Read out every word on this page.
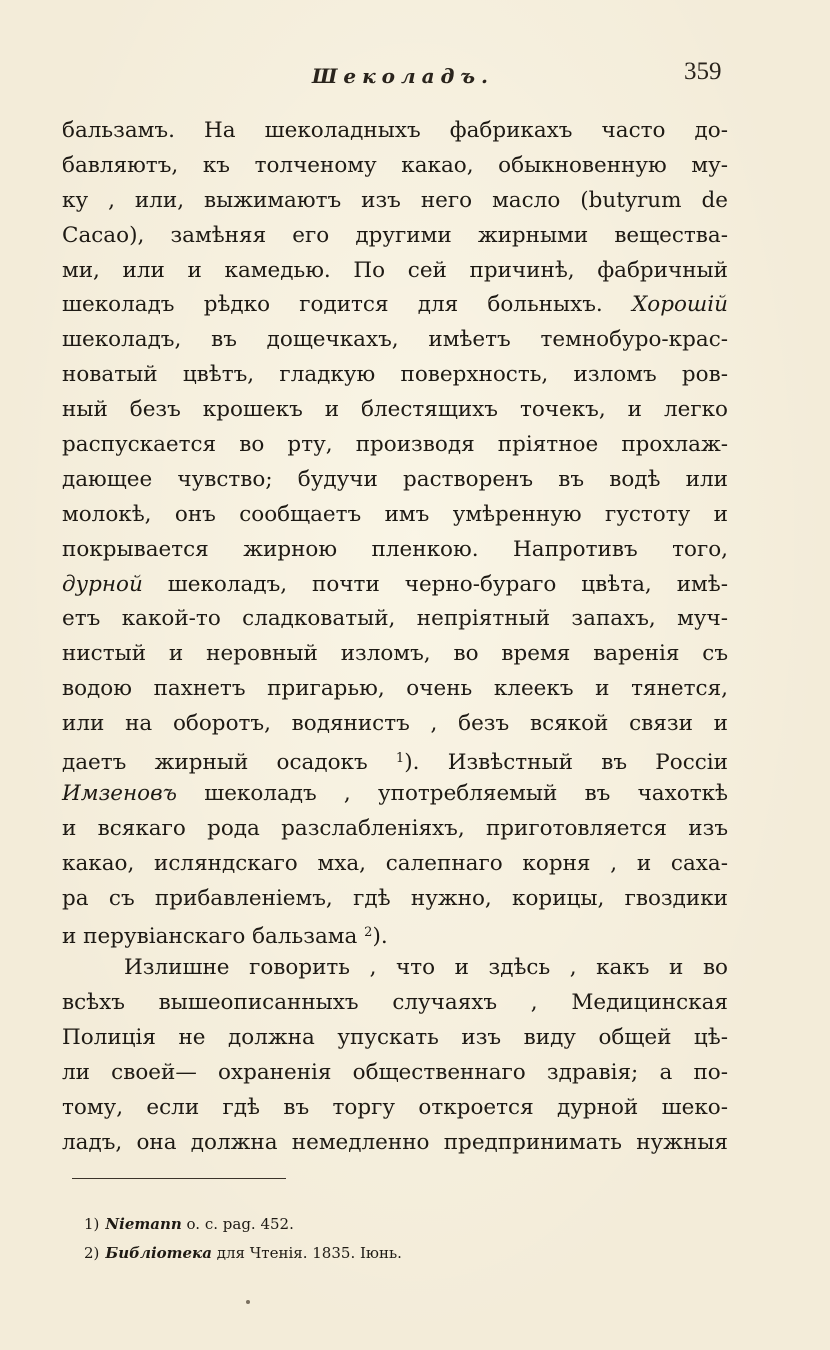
Шеколадъ.	359
бальзамъ. На шеколадныхъ фабрикахъ часто до-
бавляютъ, къ толченому какао, обыкновенную му-
ку , или, выжимаютъ изъ него масло (butyrum de
Cacao), замѣняя его другими жирными вещества-
ми, или и камедью. По сей причинѣ, фабричный
шеколадъ рѣдко годится для больныхъ. Хорошiй
шеколадъ, въ дощечкахъ, имѣетъ темнобуро-крас-
новатый цвѣтъ, гладкую поверхность, изломъ ров-
ный безъ крошекъ и блестящихъ точекъ, и легко
распускается во рту, производя прiятное прохлаж-
дающее чувство; будучи растворенъ въ водѣ или
молокѣ, онъ сообщаетъ имъ умѣренную густоту и
покрывается жирною пленкою. Напротивъ того,
дурной шеколадъ, почти черно-бураго цвѣта, имѣ-
етъ какой-то сладковатый, непрiятный запахъ, муч-
нистый и неровный изломъ, во время варенiя съ
водою пахнетъ пригарью, очень клеекъ и тянется,
или на оборотъ, водянистъ , безъ всякой связи и
даетъ жирный осадокъ $^1$). Извѣстный въ Россiи
Имзеновъ шеколадъ , употребляемый въ чахоткѣ
и всякаго рода разслабленiяхъ, приготовляется изъ
какао, исляндскаго мха, салепнаго корня , и саха-
ра съ прибавленiемъ, гдѣ нужно, корицы, гвоздики
и перувiанскаго бальзама $^2$).
Излишне говорить , что и здѣсь , какъ и во
всѣхъ вышеописанныхъ случаяхъ , Медицинская
Полицiя не должна упускать изъ виду общей цѣ-
ли своей— охраненiя общественнаго здравiя; а по-
тому, если гдѣ въ торгу откроется дурной шеко-
ладъ, она должна немедленно предпринимать нужныя
1) Niemann o. c. pag. 452.
2) Библiотека для Чтенiя. 1835. Iюнь.
